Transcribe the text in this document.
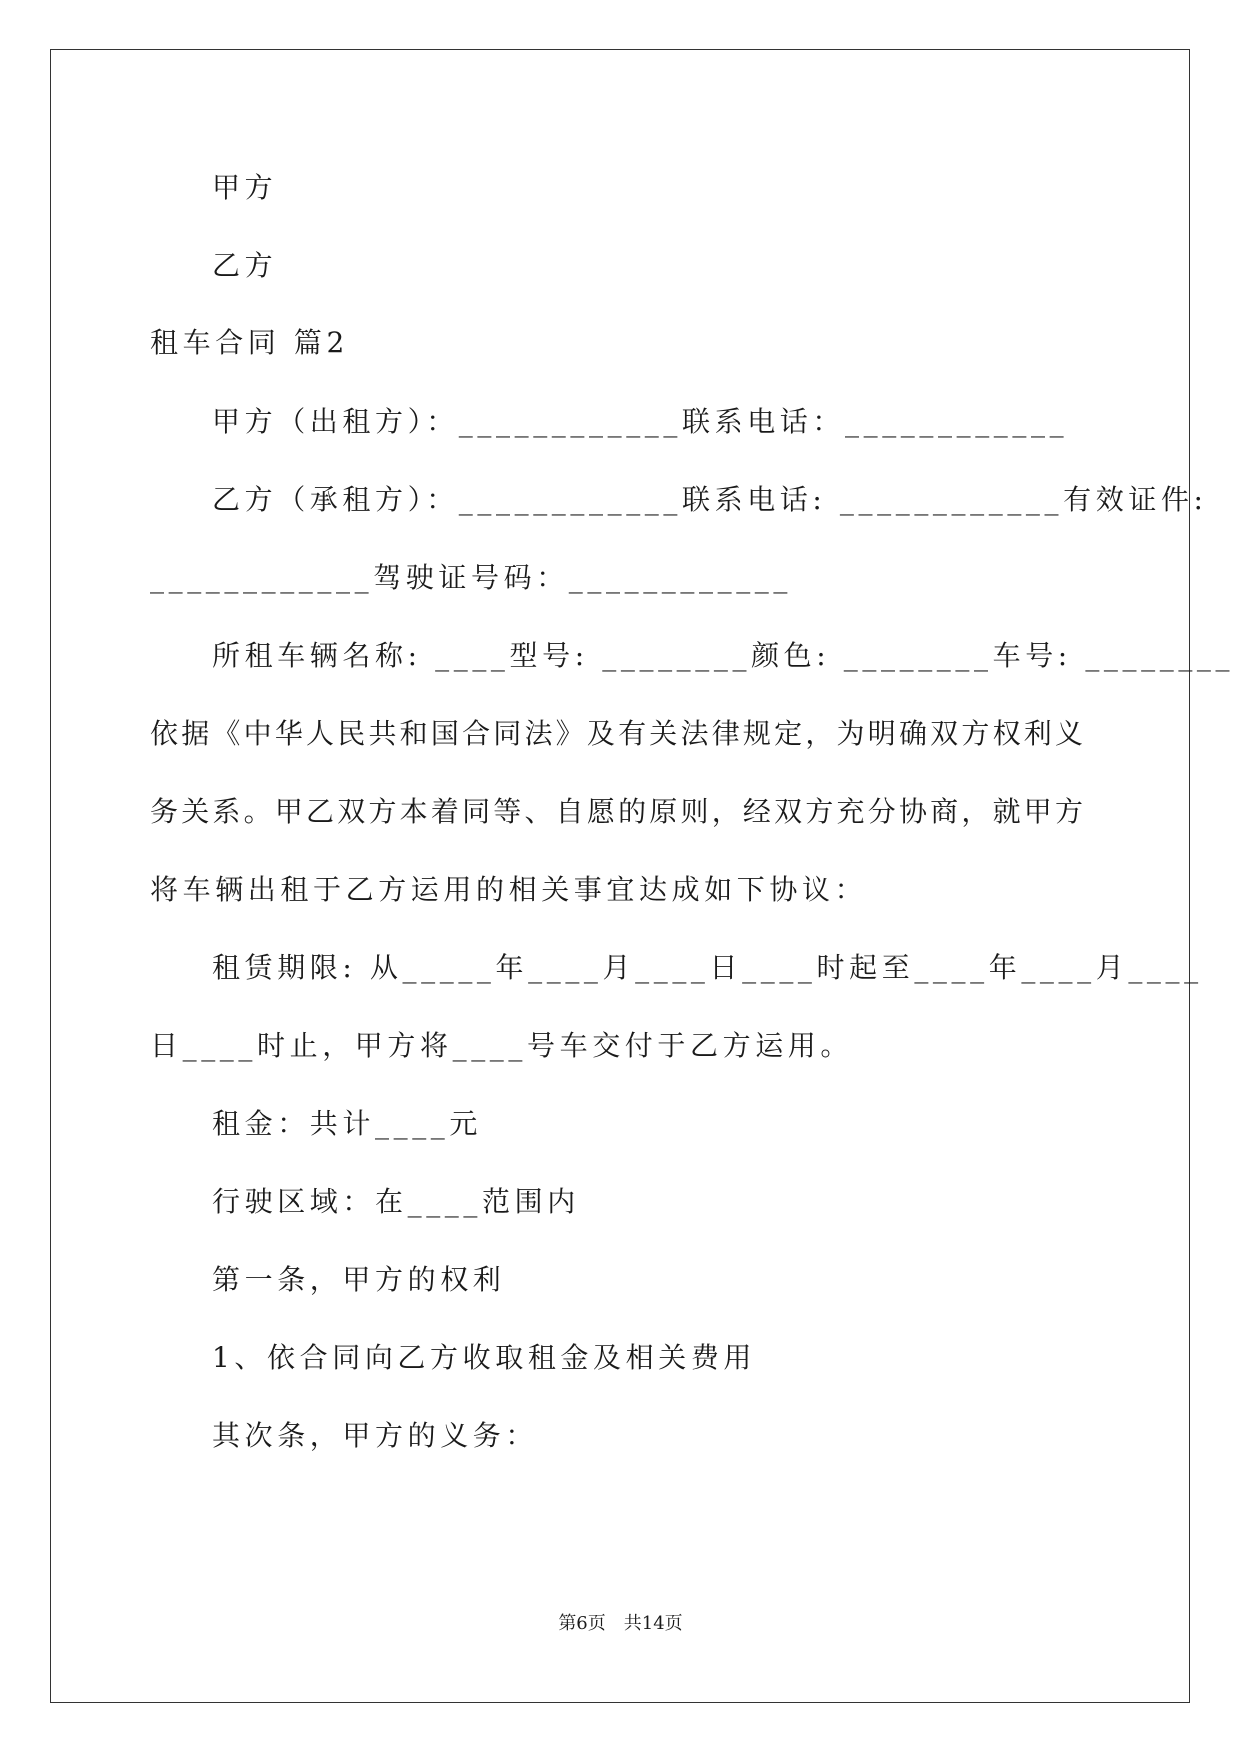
甲方
乙方
租车合同 篇2
甲方（出租方）：____________联系电话：____________
乙方（承租方）：____________联系电话: ____________有效证件:
____________驾驶证号码：____________
所租车辆名称: ____型号: ________颜色: ________车号: ________
依据《中华人民共和国合同法》及有关法律规定，为明确双方权利义
务关系。甲乙双方本着同等、自愿的原则，经双方充分协商，就甲方
将车辆出租于乙方运用的相关事宜达成如下协议：
租赁期限: 从_____年____月____日____时起至____年____月____
日____时止，甲方将____号车交付于乙方运用。
租金：共计____元
行驶区域：在____范围内
第一条，甲方的权利
1、依合同向乙方收取租金及相关费用
其次条，甲方的义务：
第6页　共14页
